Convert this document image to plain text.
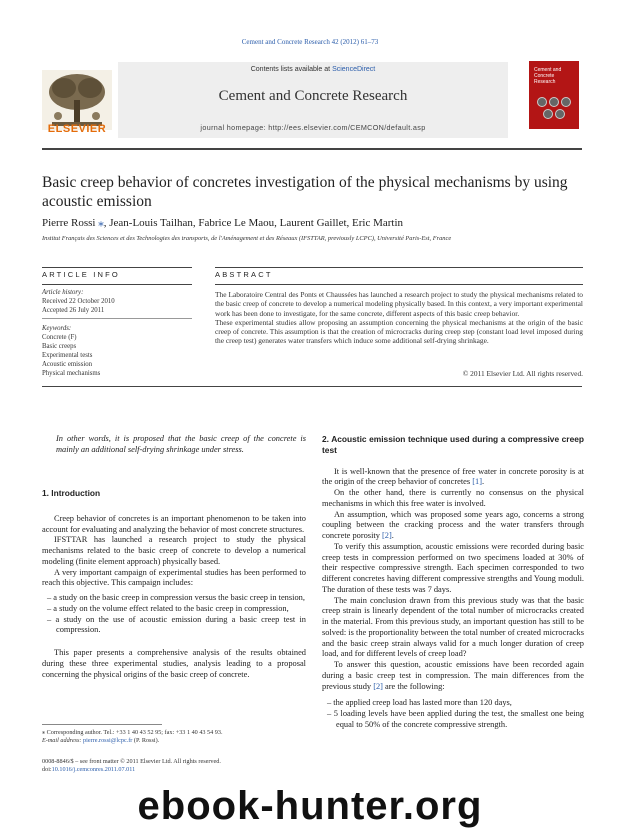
Cement and Concrete Research 42 (2012) 61–73
Contents lists available at ScienceDirect
Cement and Concrete Research
journal homepage: http://ees.elsevier.com/CEMCON/default.asp
ELSEVIER
Cement and Concrete Research
Basic creep behavior of concretes investigation of the physical mechanisms by using acoustic emission
Pierre Rossi ⁎, Jean-Louis Tailhan, Fabrice Le Maou, Laurent Gaillet, Eric Martin
Institut Français des Sciences et des Technologies des transports, de l'Aménagement et des Réseaux (IFSTTAR, previously LCPC), Université Paris-Est, France
ARTICLE INFO
Article history:
Received 22 October 2010
Accepted 26 July 2011
Keywords:
Concrete (F)
Basic creeps
Experimental tests
Acoustic emission
Physical mechanisms
ABSTRACT

The Laboratoire Central des Ponts et Chaussées has launched a research project to study the physical mechanisms related to the basic creep of concrete to develop a numerical modeling physically based. In this context, a very important experimental work has been done to investigate, for the same concrete, different aspects of this basic creep behavior.

These experimental studies allow proposing an assumption concerning the physical mechanisms at the origin of the basic creep of concrete. This assumption is that the creation of microcracks during creep step (constant load level imposed during the creep test) generates water transfers which induce some additional self-drying shrinkage.

© 2011 Elsevier Ltd. All rights reserved.

In other words, it is proposed that the basic creep of the concrete is mainly an additional self-drying shrinkage under stress.

1. Introduction

Creep behavior of concretes is an important phenomenon to be taken into account for evaluating and analyzing the behavior of most concrete structures.

IFSTTAR has launched a research project to study the physical mechanisms related to the basic creep of concrete to develop a numerical modeling (finite element approach) physically based.

A very important campaign of experimental studies has been performed to reach this objective. This campaign includes:

– a study on the basic creep in compression versus the basic creep in tension,

– a study on the volume effect related to the basic creep in compression,

– a study on the use of acoustic emission during a basic creep test in compression.

This paper presents a comprehensive analysis of the results obtained during these three experimental studies, analysis leading to a proposal concerning the physical origins of the basic creep of concrete.

2. Acoustic emission technique used during a compressive creep test

It is well-known that the presence of free water in concrete porosity is at the origin of the creep behavior of concretes [1].

On the other hand, there is currently no consensus on the physical mechanisms in which this free water is involved.

An assumption, which was proposed some years ago, concerns a strong coupling between the cracking process and the water transfers through concrete porosity [2].

To verify this assumption, acoustic emissions were recorded during basic creep tests in compression performed on two specimens loaded at 30% of their respective compressive strength. Each specimen corresponded to two different concretes having different compressive strengths and Young moduli. The duration of these tests was 7 days.

The main conclusion drawn from this previous study was that the basic creep strain is linearly dependent of the total number of microcracks created in the material. From this previous study, an important question has still to be solved: is the proportionality between the total number of created microcracks and the basic creep strain always valid for a much longer duration of creep load, and for different levels of creep load?

To answer this question, acoustic emissions have been recorded again during a basic creep test in compression. The main differences from the previous study [2] are the following:

– the applied creep load has lasted more than 120 days,

– 5 loading levels have been applied during the test, the smallest one being equal to 50% of the concrete compressive strength.

⁎ Corresponding author. Tel.: +33 1 40 43 52 95; fax: +33 1 40 43 54 93.
E-mail address: pierre.rossi@lcpc.fr (P. Rossi).
0008-8846/$ – see front matter © 2011 Elsevier Ltd. All rights reserved.
doi:10.1016/j.cemconres.2011.07.011
ebook-hunter.org
